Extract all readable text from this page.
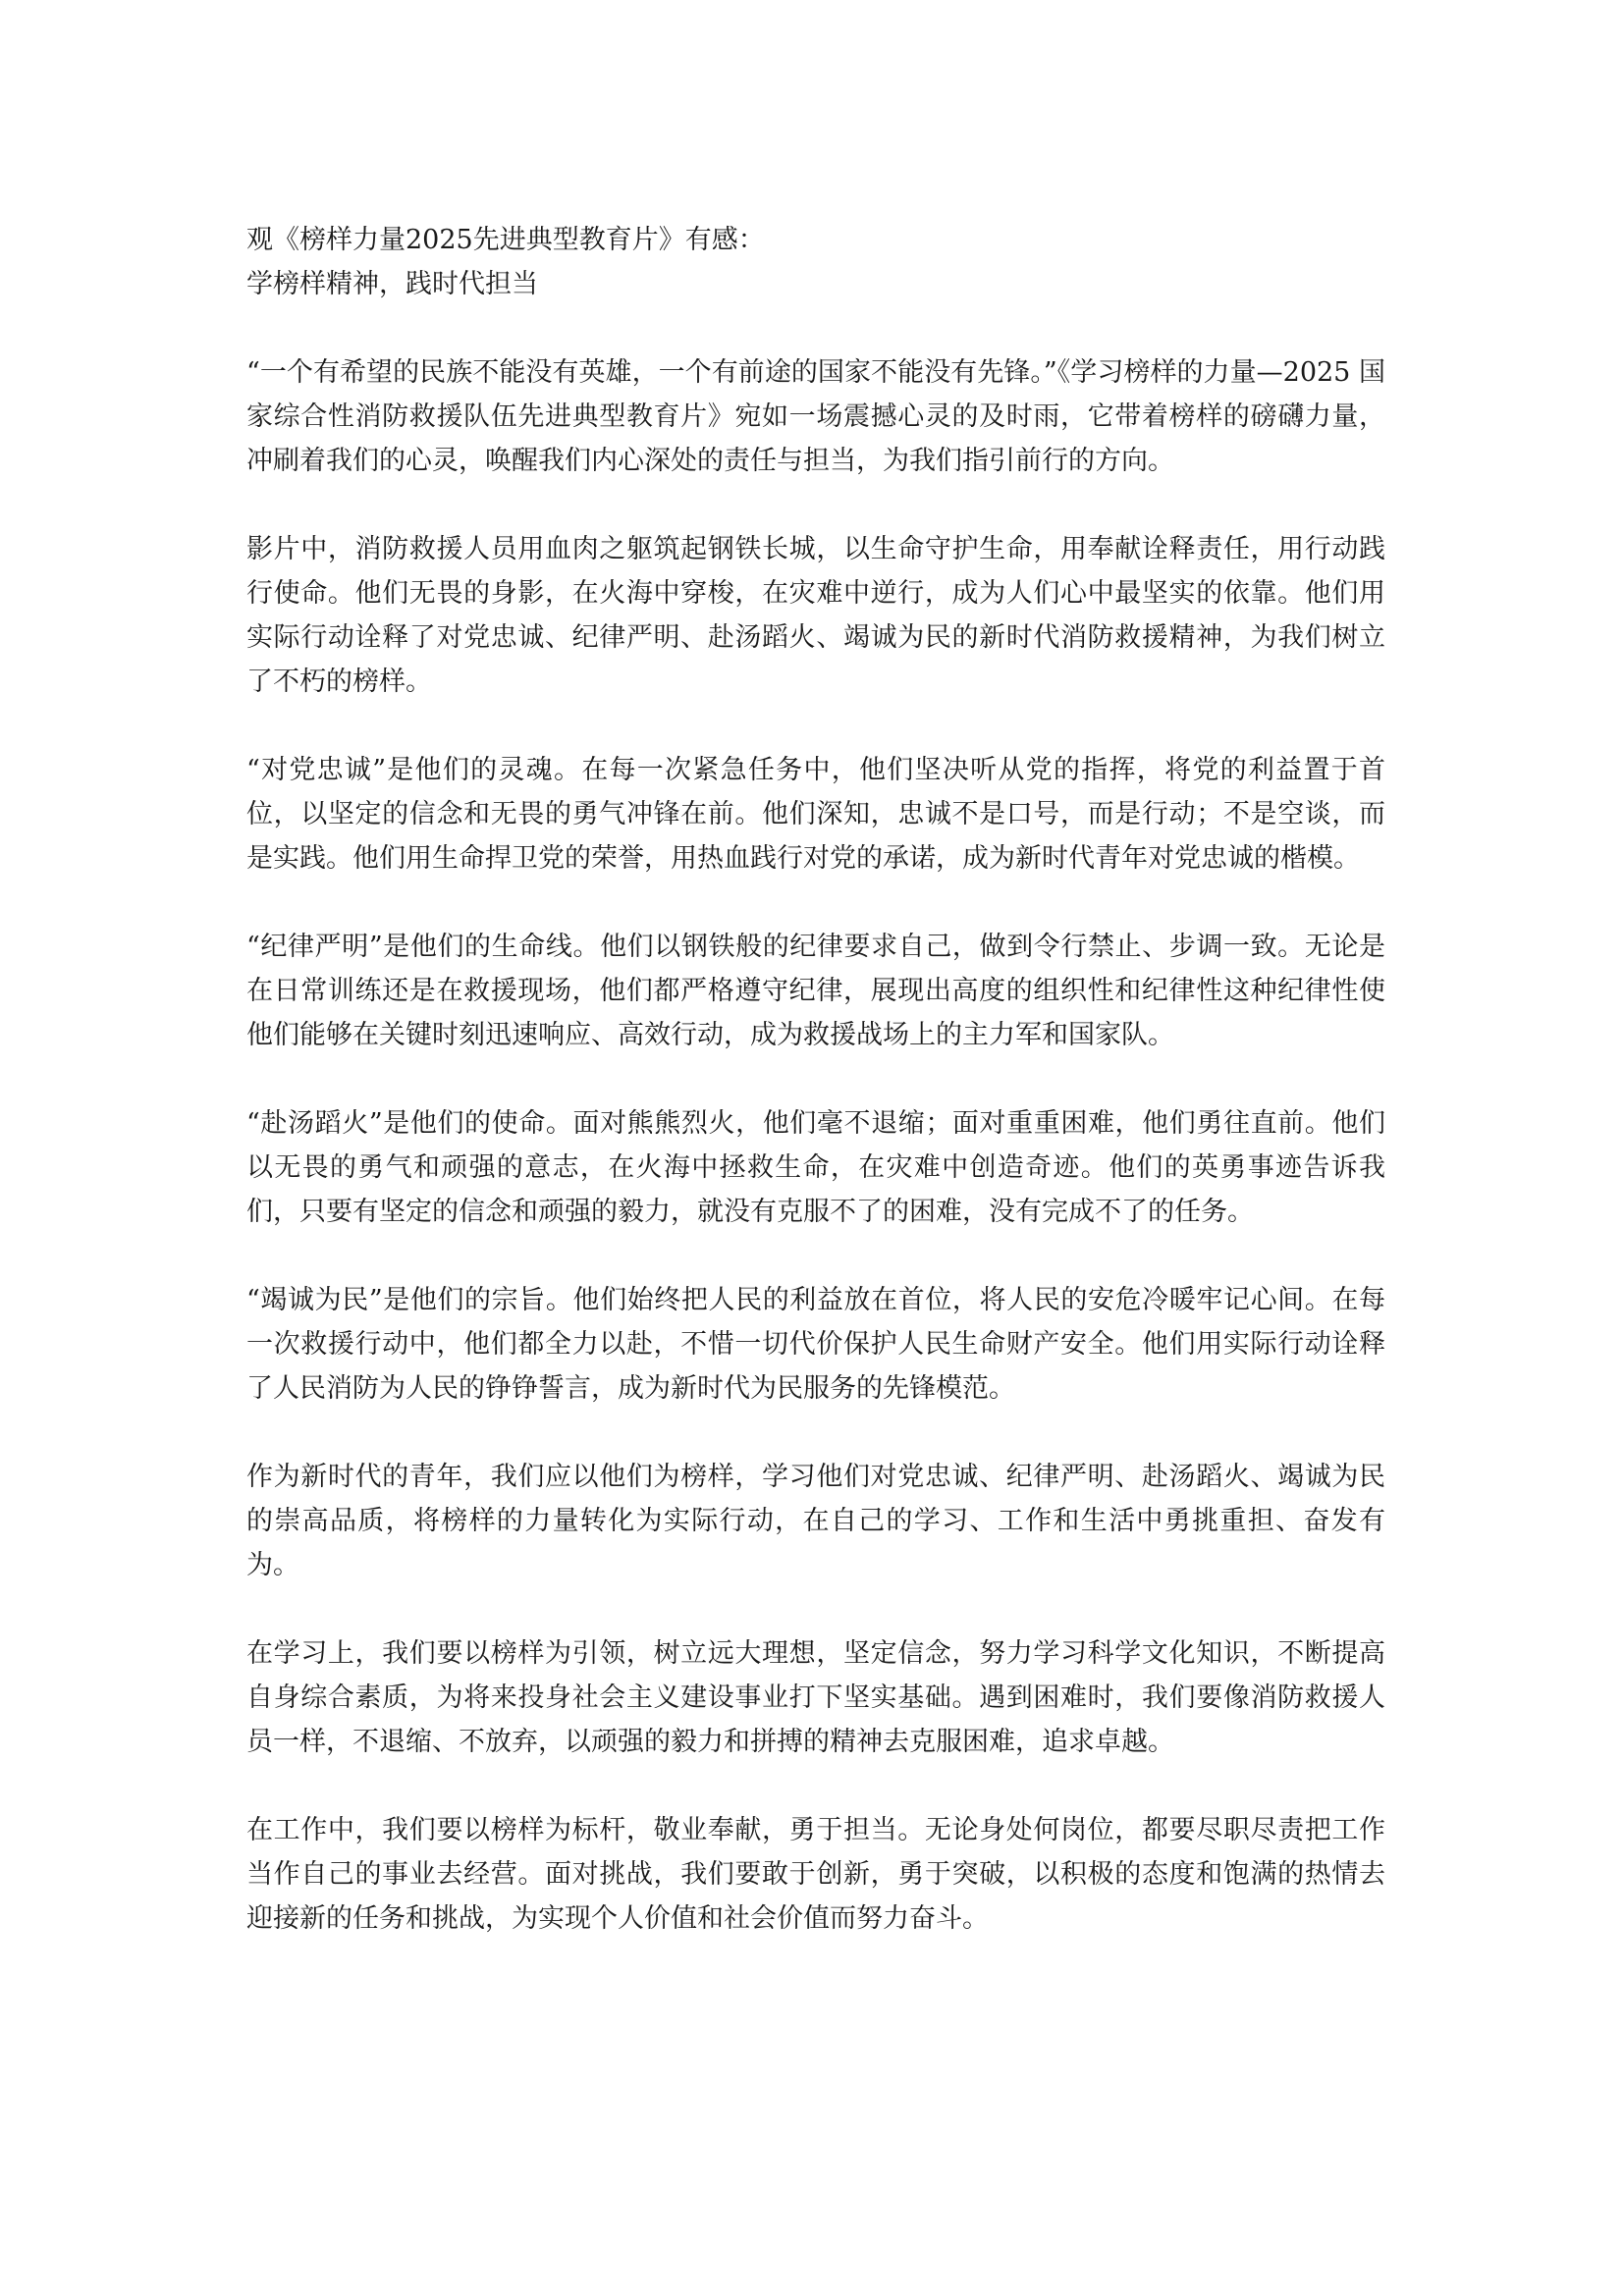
观《榜样力量2025先进典型教育片》有感：
学榜样精神，践时代担当

“一个有希望的民族不能没有英雄，一个有前途的国家不能没有先锋。”《学习榜样的力量—2025 国家综合性消防救援队伍先进典型教育片》宛如一场震撼心灵的及时雨，它带着榜样的磅礴力量，冲刷着我们的心灵，唤醒我们内心深处的责任与担当，为我们指引前行的方向。

影片中，消防救援人员用血肉之躯筑起钢铁长城，以生命守护生命，用奉献诠释责任，用行动践行使命。他们无畏的身影，在火海中穿梭，在灾难中逆行，成为人们心中最坚实的依靠。他们用实际行动诠释了对党忠诚、纪律严明、赴汤蹈火、竭诚为民的新时代消防救援精神，为我们树立了不朽的榜样。

“对党忠诚”是他们的灵魂。在每一次紧急任务中，他们坚决听从党的指挥，将党的利益置于首位，以坚定的信念和无畏的勇气冲锋在前。他们深知，忠诚不是口号，而是行动；不是空谈，而是实践。他们用生命捍卫党的荣誉，用热血践行对党的承诺，成为新时代青年对党忠诚的楷模。

“纪律严明”是他们的生命线。他们以钢铁般的纪律要求自己，做到令行禁止、步调一致。无论是在日常训练还是在救援现场，他们都严格遵守纪律，展现出高度的组织性和纪律性这种纪律性使他们能够在关键时刻迅速响应、高效行动，成为救援战场上的主力军和国家队。

“赴汤蹈火”是他们的使命。面对熊熊烈火，他们毫不退缩；面对重重困难，他们勇往直前。他们以无畏的勇气和顽强的意志，在火海中拯救生命，在灾难中创造奇迹。他们的英勇事迹告诉我们，只要有坚定的信念和顽强的毅力，就没有克服不了的困难，没有完成不了的任务。

“竭诚为民”是他们的宗旨。他们始终把人民的利益放在首位，将人民的安危冷暖牢记心间。在每一次救援行动中，他们都全力以赴，不惜一切代价保护人民生命财产安全。他们用实际行动诠释了人民消防为人民的铮铮誓言，成为新时代为民服务的先锋模范。

作为新时代的青年，我们应以他们为榜样，学习他们对党忠诚、纪律严明、赴汤蹈火、竭诚为民的崇高品质，将榜样的力量转化为实际行动，在自己的学习、工作和生活中勇挑重担、奋发有为。

在学习上，我们要以榜样为引领，树立远大理想，坚定信念，努力学习科学文化知识，不断提高自身综合素质，为将来投身社会主义建设事业打下坚实基础。遇到困难时，我们要像消防救援人员一样，不退缩、不放弃，以顽强的毅力和拼搏的精神去克服困难，追求卓越。

在工作中，我们要以榜样为标杆，敬业奉献，勇于担当。无论身处何岗位，都要尽职尽责把工作当作自己的事业去经营。面对挑战，我们要敢于创新，勇于突破，以积极的态度和饱满的热情去迎接新的任务和挑战，为实现个人价值和社会价值而努力奋斗。
